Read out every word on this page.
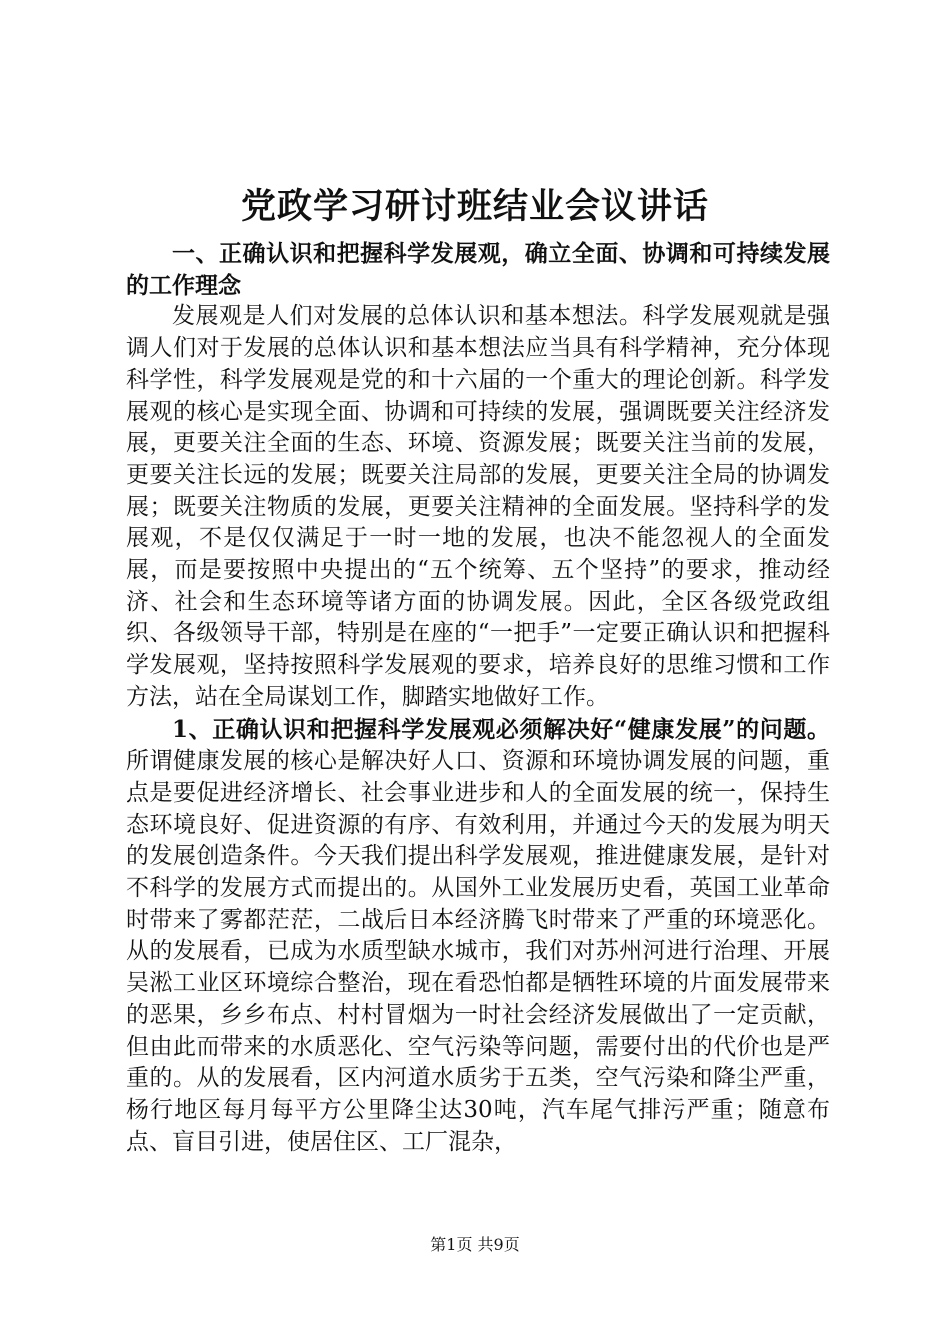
党政学习研讨班结业会议讲话

一、正确认识和把握科学发展观，确立全面、协调和可持续发展的工作理念

发展观是人们对发展的总体认识和基本想法。科学发展观就是强调人们对于发展的总体认识和基本想法应当具有科学精神，充分体现科学性，科学发展观是党的和十六届的一个重大的理论创新。科学发展观的核心是实现全面、协调和可持续的发展，强调既要关注经济发展，更要关注全面的生态、环境、资源发展；既要关注当前的发展，更要关注长远的发展；既要关注局部的发展，更要关注全局的协调发展；既要关注物质的发展，更要关注精神的全面发展。坚持科学的发展观，不是仅仅满足于一时一地的发展，也决不能忽视人的全面发展，而是要按照中央提出的“五个统筹、五个坚持”的要求，推动经济、社会和生态环境等诸方面的协调发展。因此，全区各级党政组织、各级领导干部，特别是在座的“一把手”一定要正确认识和把握科学发展观，坚持按照科学发展观的要求，培养良好的思维习惯和工作方法，站在全局谋划工作，脚踏实地做好工作。

1、正确认识和把握科学发展观必须解决好“健康发展”的问题。所谓健康发展的核心是解决好人口、资源和环境协调发展的问题，重点是要促进经济增长、社会事业进步和人的全面发展的统一，保持生态环境良好、促进资源的有序、有效利用，并通过今天的发展为明天的发展创造条件。今天我们提出科学发展观，推进健康发展，是针对不科学的发展方式而提出的。从国外工业发展历史看，英国工业革命时带来了雾都茫茫，二战后日本经济腾飞时带来了严重的环境恶化。从的发展看，已成为水质型缺水城市，我们对苏州河进行治理、开展吴淞工业区环境综合整治，现在看恐怕都是牺牲环境的片面发展带来的恶果，乡乡布点、村村冒烟为一时社会经济发展做出了一定贡献，但由此而带来的水质恶化、空气污染等问题，需要付出的代价也是严重的。从的发展看，区内河道水质劣于五类，空气污染和降尘严重，杨行地区每月每平方公里降尘达30吨，汽车尾气排污严重；随意布点、盲目引进，使居住区、工厂混杂，

第1页 共9页
